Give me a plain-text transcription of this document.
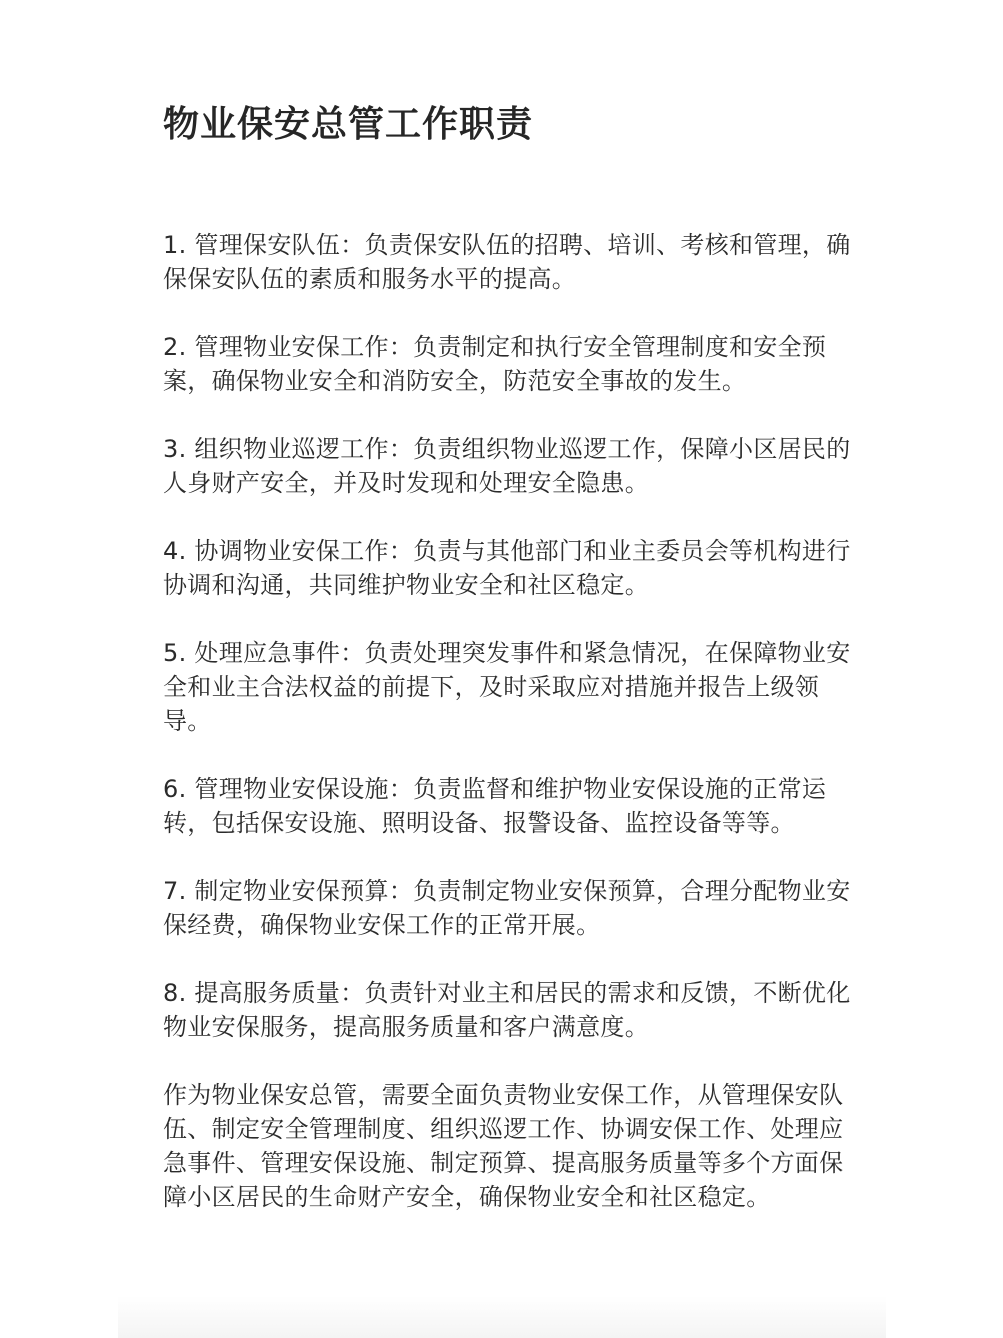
物业保安总管工作职责

1. 管理保安队伍：负责保安队伍的招聘、培训、考核和管理，确保保安队伍的素质和服务水平的提高。

2. 管理物业安保工作：负责制定和执行安全管理制度和安全预案，确保物业安全和消防安全，防范安全事故的发生。

3. 组织物业巡逻工作：负责组织物业巡逻工作，保障小区居民的人身财产安全，并及时发现和处理安全隐患。

4. 协调物业安保工作：负责与其他部门和业主委员会等机构进行协调和沟通，共同维护物业安全和社区稳定。

5. 处理应急事件：负责处理突发事件和紧急情况，在保障物业安全和业主合法权益的前提下，及时采取应对措施并报告上级领导。

6. 管理物业安保设施：负责监督和维护物业安保设施的正常运转，包括保安设施、照明设备、报警设备、监控设备等等。

7. 制定物业安保预算：负责制定物业安保预算，合理分配物业安保经费，确保物业安保工作的正常开展。

8. 提高服务质量：负责针对业主和居民的需求和反馈，不断优化物业安保服务，提高服务质量和客户满意度。

作为物业保安总管，需要全面负责物业安保工作，从管理保安队伍、制定安全管理制度、组织巡逻工作、协调安保工作、处理应急事件、管理安保设施、制定预算、提高服务质量等多个方面保障小区居民的生命财产安全，确保物业安全和社区稳定。
